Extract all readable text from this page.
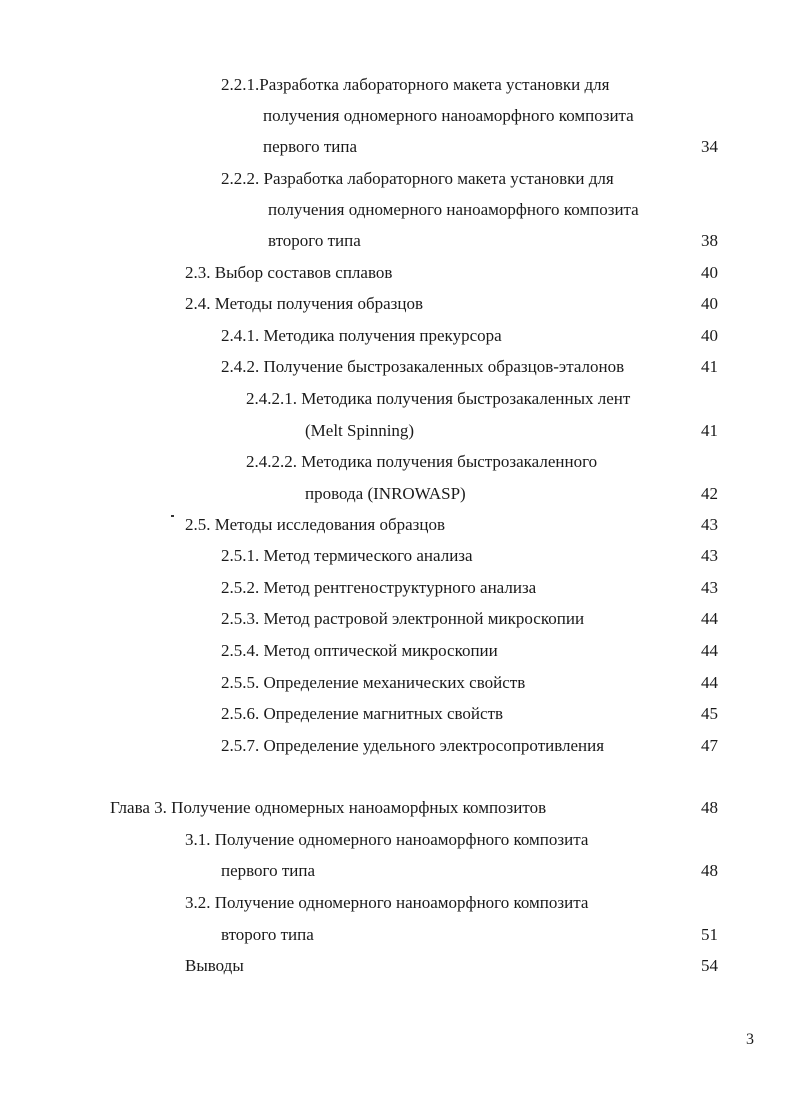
2.2.1.Разработка лабораторного макета установки для
получения одномерного наноаморфного композита
первого типа	34
2.2.2. Разработка лабораторного макета установки для
получения одномерного наноаморфного композита
второго типа	38
2.3. Выбор составов сплавов	40
2.4. Методы получения образцов	40
2.4.1. Методика получения прекурсора	40
2.4.2. Получение быстрозакаленных образцов-эталонов	41
2.4.2.1. Методика получения быстрозакаленных лент
(Melt Spinning)	41
2.4.2.2. Методика получения быстрозакаленного
провода (INROWASP)	42
2.5. Методы исследования образцов	43
2.5.1. Метод термического анализа	43
2.5.2. Метод рентгеноструктурного анализа	43
2.5.3. Метод растровой электронной микроскопии	44
2.5.4. Метод оптической микроскопии	44
2.5.5. Определение механических свойств	44
2.5.6. Определение магнитных свойств	45
2.5.7. Определение удельного электросопротивления	47
Глава 3. Получение одномерных наноаморфных композитов	48
3.1. Получение одномерного наноаморфного композита
первого типа	48
3.2. Получение одномерного наноаморфного композита
второго типа	51
Выводы	54
3
